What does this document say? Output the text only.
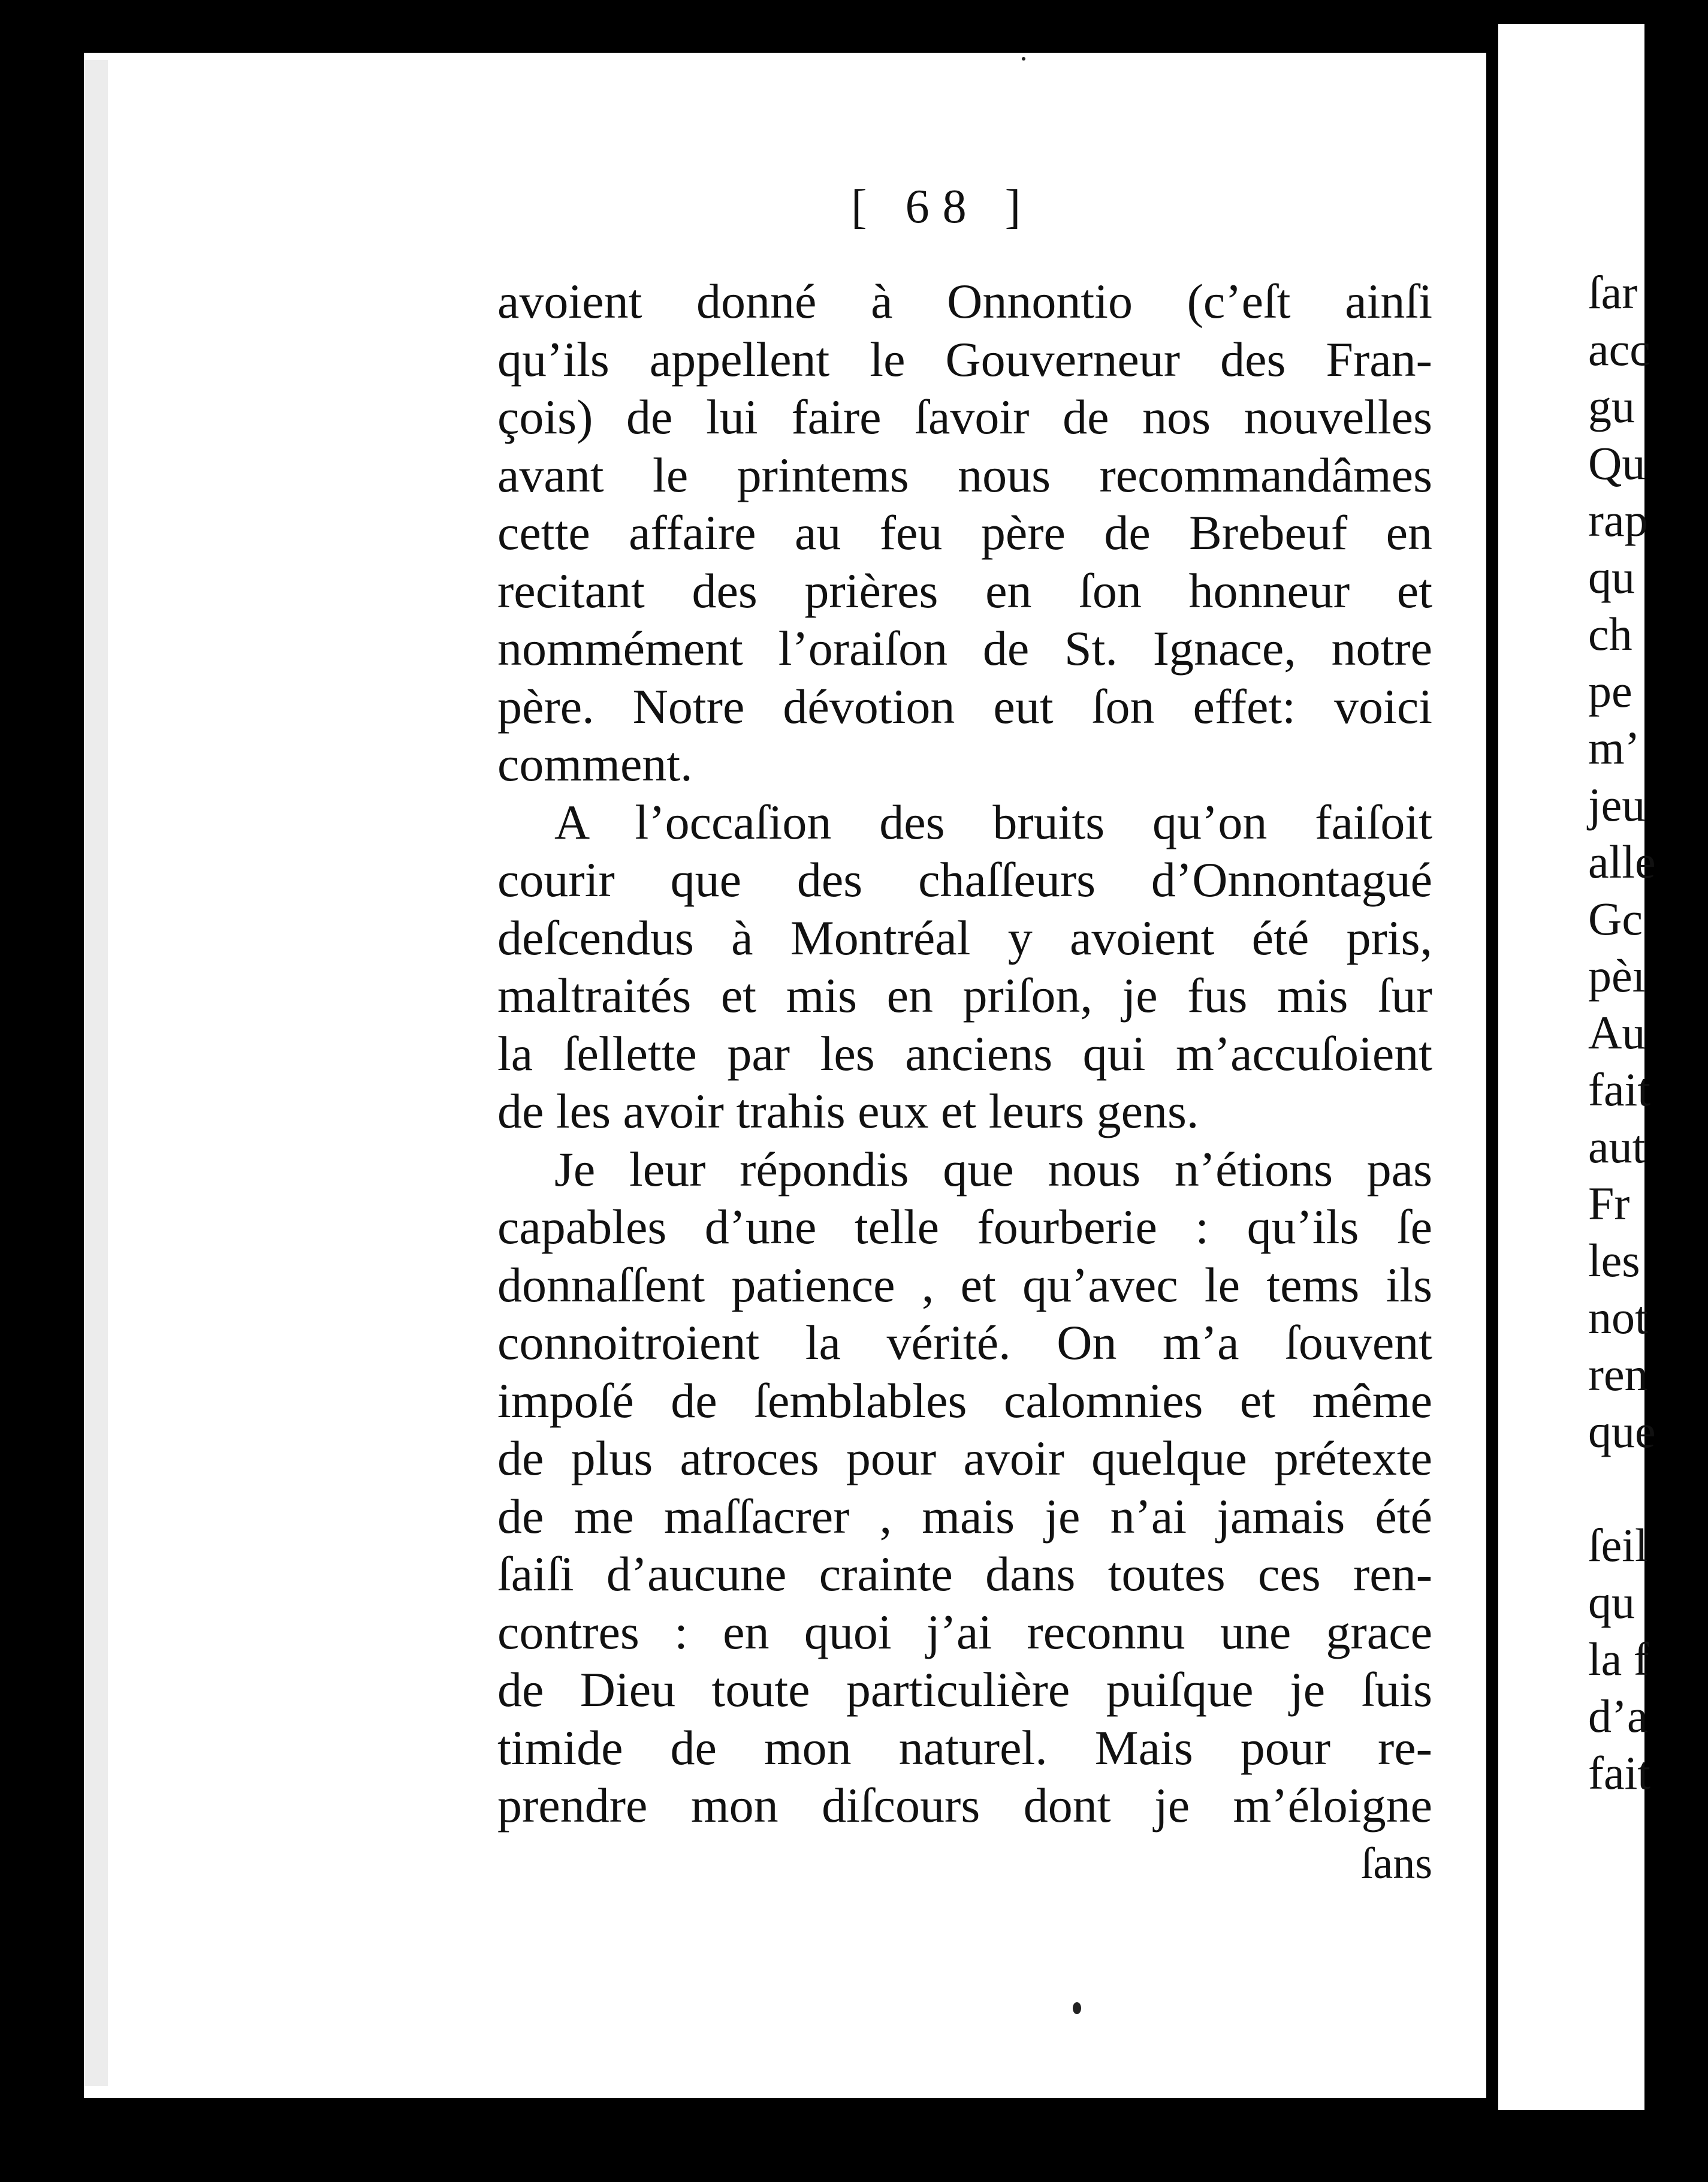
[ 68 ]
avoient donné à Onnontio (c’eſt ainſi
qu’ils appellent le Gouverneur des Fran-
çois) de lui faire ſavoir de nos nouvelles
avant le printems nous recommandâmes
cette affaire au feu père de Brebeuf en
recitant des prières en ſon honneur et
nommément l’oraiſon de St. Ignace, notre
père. Notre dévotion eut ſon effet: voici
comment.
A l’occaſion des bruits qu’on faiſoit
courir que des chaſſeurs d’Onnontagué
deſcendus à Montréal y avoient été pris,
maltraités et mis en priſon, je fus mis ſur
la ſellette par les anciens qui m’accuſoient
de les avoir trahis eux et leurs gens.
Je leur répondis que nous n’étions pas
capables d’une telle fourberie : qu’ils ſe
donnaſſent patience , et qu’avec le tems ils
connoitroient la vérité. On m’a ſouvent
impoſé de ſemblables calomnies et même
de plus atroces pour avoir quelque prétexte
de me maſſacrer , mais je n’ai jamais été
ſaiſi d’aucune crainte dans toutes ces ren-
contres : en quoi j’ai reconnu une grace
de Dieu toute particulière puiſque je ſuis
timide de mon naturel. Mais pour re-
prendre mon diſcours dont je m’éloigne
ſans
ſar
acc
gu
Qu
rap
qu
ch
pe
m’
jeu
alle
Gc
pèı
Au
fait
aut
Fr
les
not
ren
que
ſeil
qu
la f
d’a
fait
